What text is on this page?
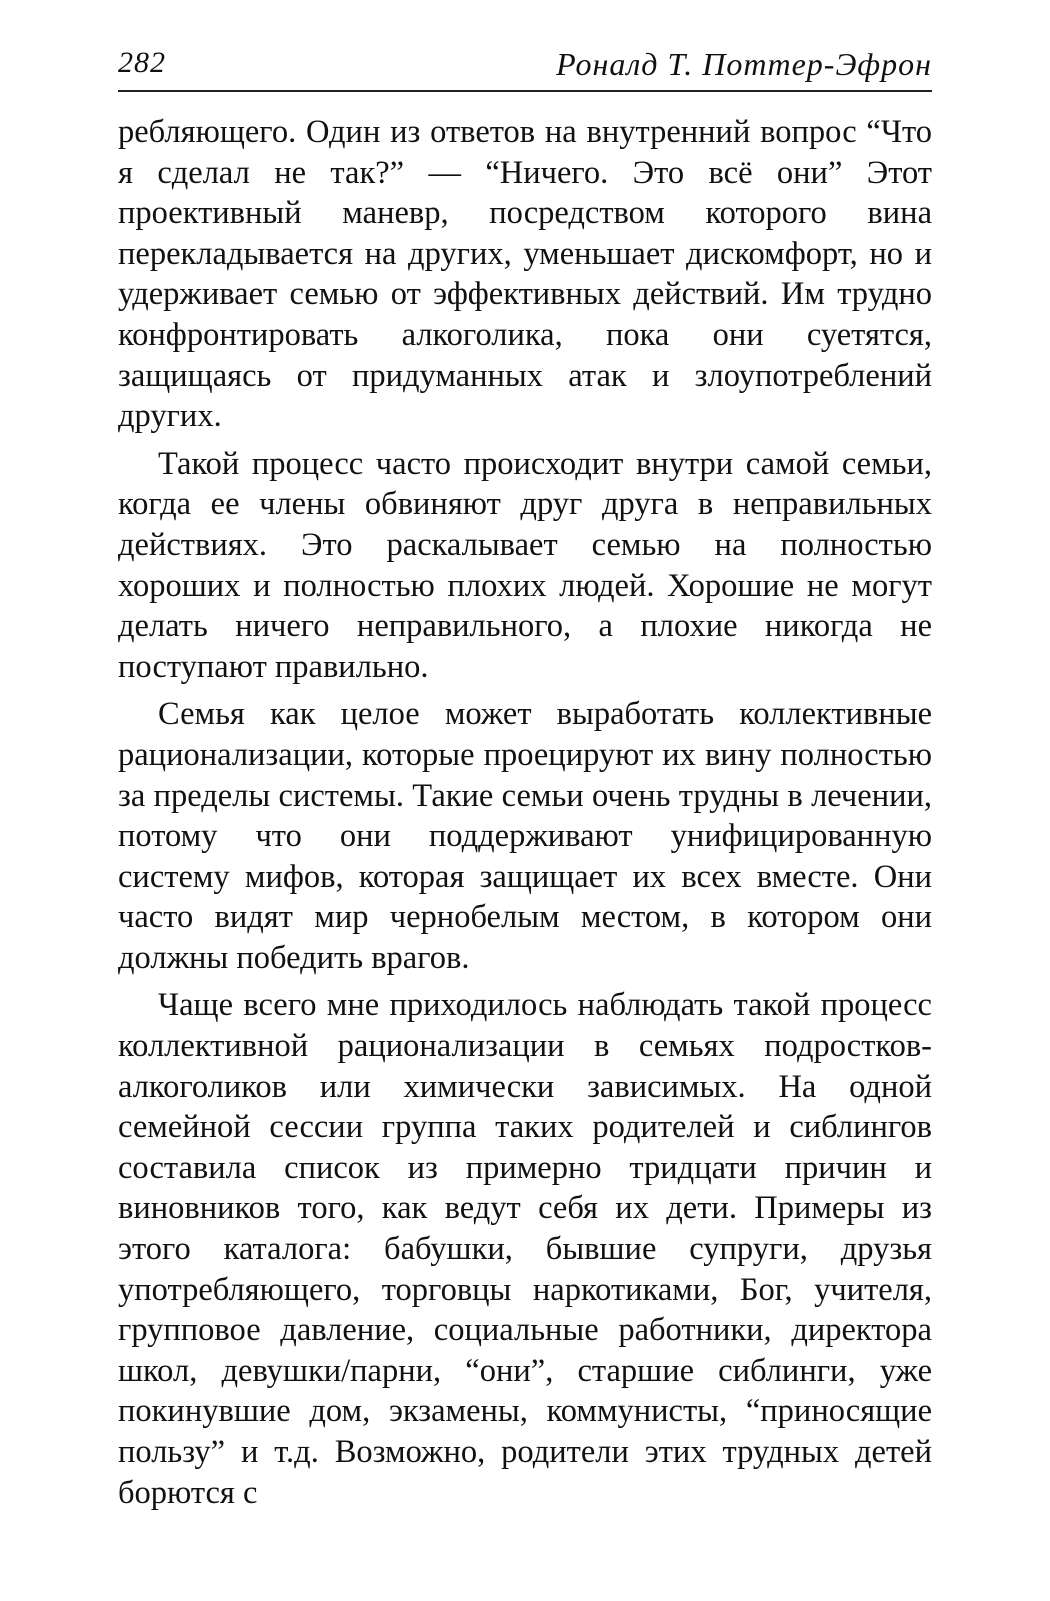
282	Роналд Т. Поттер-Эфрон

ребляющего. Один из ответов на внутренний вопрос “Что я сделал не так?” — “Ничего. Это всё они” Этот проективный маневр, посредством которого вина перекладывается на других, уменьшает дискомфорт, но и удерживает семью от эффективных действий. Им трудно конфронтировать алкоголика, пока они суетятся, защищаясь от придуманных атак и злоупотреблений других.

Такой процесс часто происходит внутри самой семьи, когда ее члены обвиняют друг друга в неправильных действиях. Это раскалывает семью на полностью хороших и полностью плохих людей. Хорошие не могут делать ничего неправильного, а плохие никогда не поступают правильно.

Семья как целое может выработать коллективные рационализации, которые проецируют их вину полностью за пределы системы. Такие семьи очень трудны в лечении, потому что они поддерживают унифицированную систему мифов, которая защищает их всех вместе. Они часто видят мир чернобелым местом, в котором они должны победить врагов.

Чаще всего мне приходилось наблюдать такой процесс коллективной рационализации в семьях подростков-алкоголиков или химически зависимых. На одной семейной сессии группа таких родителей и сиблингов составила список из примерно тридцати причин и виновников того, как ведут себя их дети. Примеры из этого каталога: бабушки, бывшие супруги, друзья употребляющего, торговцы наркотиками, Бог, учителя, групповое давление, социальные работники, директора школ, девушки/парни, “они”, старшие сиблинги, уже покинувшие дом, экзамены, коммунисты, “приносящие пользу” и т.д. Возможно, родители этих трудных детей борются с
